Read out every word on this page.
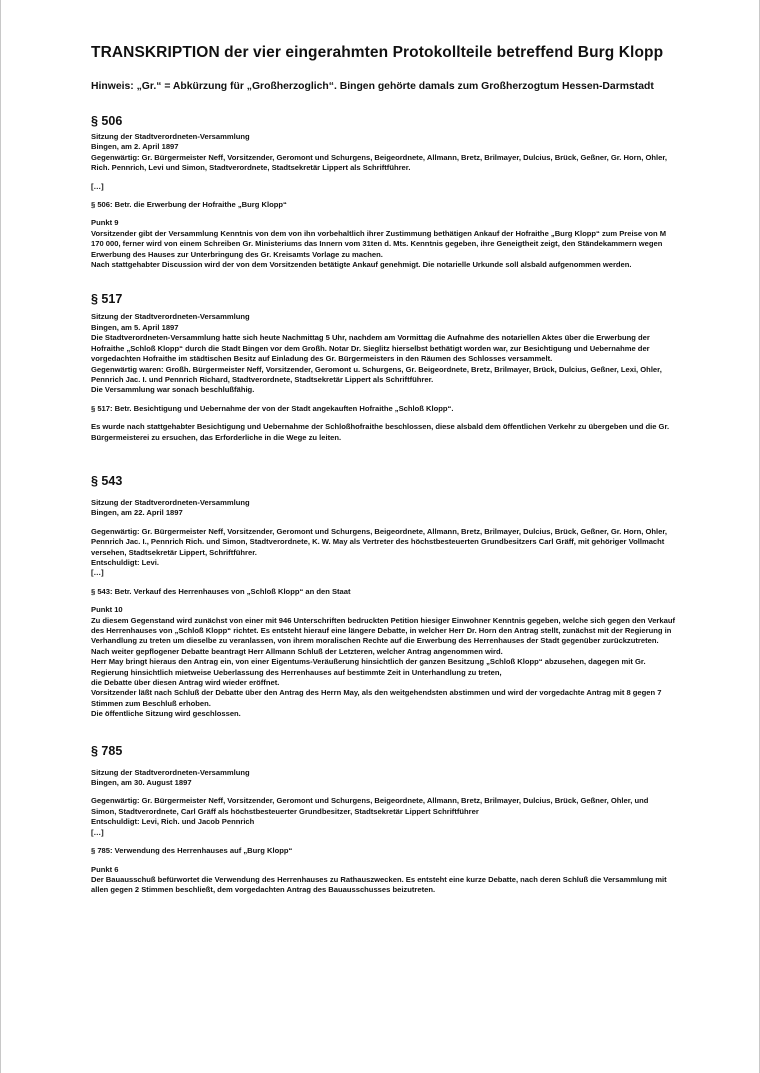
TRANSKRIPTION der vier eingerahmten Protokollteile betreffend Burg Klopp
Hinweis: „Gr.“ = Abkürzung für „Großherzoglich“. Bingen gehörte damals zum Großherzogtum Hessen-Darmstadt
§ 506
Sitzung der Stadtverordneten-Versammlung
Bingen, am 2. April 1897
Gegenwärtig: Gr. Bürgermeister Neff, Vorsitzender, Geromont und Schurgens, Beigeordnete, Allmann, Bretz, Brilmayer, Dulcius, Brück, Geßner, Gr. Horn, Ohler,
Rich. Pennrich, Levi und Simon, Stadtverordnete, Stadtsekretär Lippert als Schriftführer.
[…]
§ 506: Betr. die Erwerbung der Hofraithe „Burg Klopp“
Punkt 9
Vorsitzender gibt der Versammlung Kenntnis von dem von ihn vorbehaltlich ihrer Zustimmung bethätigen Ankauf der Hofraithe „Burg Klopp“ zum Preise von M
170 000, ferner wird von einem Schreiben Gr. Ministeriums das Innern vom 31ten d. Mts. Kenntnis gegeben, ihre Geneigtheit zeigt, den Ständekammern wegen
Erwerbung des Hauses zur Unterbringung des Gr. Kreisamts Vorlage zu machen.
Nach stattgehabter Discussion wird der von dem Vorsitzenden betätigte Ankauf genehmigt. Die notarielle Urkunde soll alsbald aufgenommen werden.
§ 517
Sitzung der Stadtverordneten-Versammlung
Bingen, am 5. April 1897
Die Stadtverordneten-Versammlung hatte sich heute Nachmittag 5 Uhr, nachdem am Vormittag die Aufnahme des notariellen Aktes über die Erwerbung der
Hofraithe „Schloß Klopp“ durch die Stadt Bingen vor dem Großh. Notar Dr. Sieglitz hierselbst bethätigt worden war, zur Besichtigung und Uebernahme der
vorgedachten Hofraithe im städtischen Besitz auf Einladung des Gr. Bürgermeisters in den Räumen des Schlosses versammelt.
Gegenwärtig waren: Großh. Bürgermeister Neff, Vorsitzender, Geromont u. Schurgens, Gr. Beigeordnete, Bretz, Brilmayer, Brück, Dulcius, Geßner, Lexi, Ohler,
Pennrich Jac. I. und Pennrich Richard, Stadtverordnete, Stadtsekretär Lippert als Schriftführer.
Die Versammlung war sonach beschlußfähig.
§ 517: Betr. Besichtigung und Uebernahme der von der Stadt angekauften Hofraithe „Schloß Klopp“.
Es wurde nach stattgehabter Besichtigung und Uebernahme der Schloßhofraithe beschlossen, diese alsbald dem öffentlichen Verkehr zu übergeben und die Gr.
Bürgermeisterei zu ersuchen, das Erforderliche in die Wege zu leiten.
§ 543
Sitzung der Stadtverordneten-Versammlung
Bingen, am 22. April 1897
Gegenwärtig: Gr. Bürgermeister Neff, Vorsitzender, Geromont und Schurgens, Beigeordnete, Allmann, Bretz, Brilmayer, Dulcius, Brück, Geßner, Gr. Horn, Ohler,
Pennrich Jac. I., Pennrich Rich. und Simon, Stadtverordnete, K. W. May als Vertreter des höchstbesteuerten Grundbesitzers Carl Gräff, mit gehöriger Vollmacht
versehen, Stadtsekretär Lippert, Schriftführer.
Entschuldigt: Levi.
[…]
§ 543: Betr. Verkauf des Herrenhauses von „Schloß Klopp“ an den Staat
Punkt 10
Zu diesem Gegenstand wird zunächst von einer mit 946 Unterschriften bedruckten Petition hiesiger Einwohner Kenntnis gegeben, welche sich gegen den Verkauf
des Herrenhauses von „Schloß Klopp“ richtet. Es entsteht hierauf eine längere Debatte, in welcher Herr Dr. Horn den Antrag stellt, zunächst mit der Regierung in
Verhandlung zu treten um dieselbe zu veranlassen, von ihrem moralischen Rechte auf die Erwerbung des Herrenhauses der Stadt gegenüber zurückzutreten.
Nach weiter gepflogener Debatte beantragt Herr Allmann Schluß der Letzteren, welcher Antrag angenommen wird.
Herr May bringt hieraus den Antrag ein, von einer Eigentums-Veräußerung hinsichtlich der ganzen Besitzung „Schloß Klopp“ abzusehen, dagegen mit Gr.
Regierung hinsichtlich mietweise Ueberlassung des Herrenhauses auf bestimmte Zeit in Unterhandlung zu treten,
die Debatte über diesen Antrag wird wieder eröffnet.
Vorsitzender läßt nach Schluß der Debatte über den Antrag des Herrn May, als den weitgehendsten abstimmen und wird der vorgedachte Antrag mit 8 gegen 7
Stimmen zum Beschluß erhoben.
Die öffentliche Sitzung wird geschlossen.
§ 785
Sitzung der Stadtverordneten-Versammlung
Bingen, am 30. August 1897
Gegenwärtig: Gr. Bürgermeister Neff, Vorsitzender, Geromont und Schurgens, Beigeordnete, Allmann, Bretz, Brilmayer, Dulcius, Brück, Geßner, Ohler, und
Simon, Stadtverordnete, Carl Gräff als höchstbesteuerter Grundbesitzer, Stadtsekretär Lippert Schriftführer
Entschuldigt: Levi, Rich. und Jacob Pennrich
[…]
§ 785: Verwendung des Herrenhauses auf „Burg Klopp“
Punkt 6
Der Bauausschuß befürwortet die Verwendung des Herrenhauses zu Rathauszwecken. Es entsteht eine kurze Debatte, nach deren Schluß die Versammlung mit
allen gegen 2 Stimmen beschließt, dem vorgedachten Antrag des Bauausschusses beizutreten.
